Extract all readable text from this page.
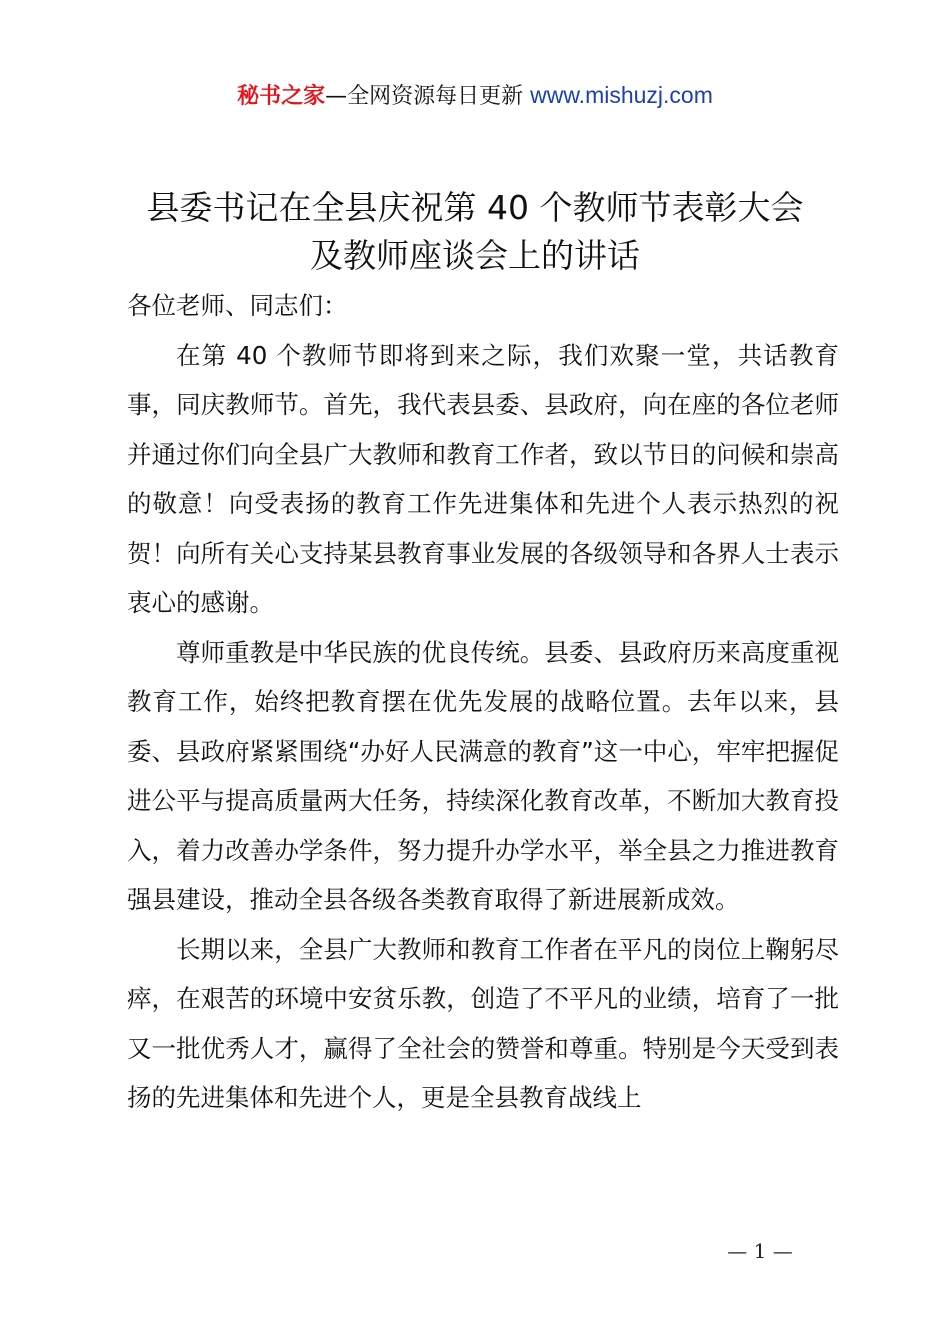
秘书之家—全网资源每日更新 www.mishuzj.com
县委书记在全县庆祝第 40 个教师节表彰大会
及教师座谈会上的讲话

各位老师、同志们：

在第 40 个教师节即将到来之际，我们欢聚一堂，共话教育事，同庆教师节。首先，我代表县委、县政府，向在座的各位老师并通过你们向全县广大教师和教育工作者，致以节日的问候和崇高的敬意！向受表扬的教育工作先进集体和先进个人表示热烈的祝贺！向所有关心支持某县教育事业发展的各级领导和各界人士表示衷心的感谢。

尊师重教是中华民族的优良传统。县委、县政府历来高度重视教育工作，始终把教育摆在优先发展的战略位置。去年以来，县委、县政府紧紧围绕“办好人民满意的教育”这一中心，牢牢把握促进公平与提高质量两大任务，持续深化教育改革，不断加大教育投入，着力改善办学条件，努力提升办学水平，举全县之力推进教育强县建设，推动全县各级各类教育取得了新进展新成效。

长期以来，全县广大教师和教育工作者在平凡的岗位上鞠躬尽瘁，在艰苦的环境中安贫乐教，创造了不平凡的业绩，培育了一批又一批优秀人才，赢得了全社会的赞誉和尊重。特别是今天受到表扬的先进集体和先进个人，更是全县教育战线上

— 1 —
